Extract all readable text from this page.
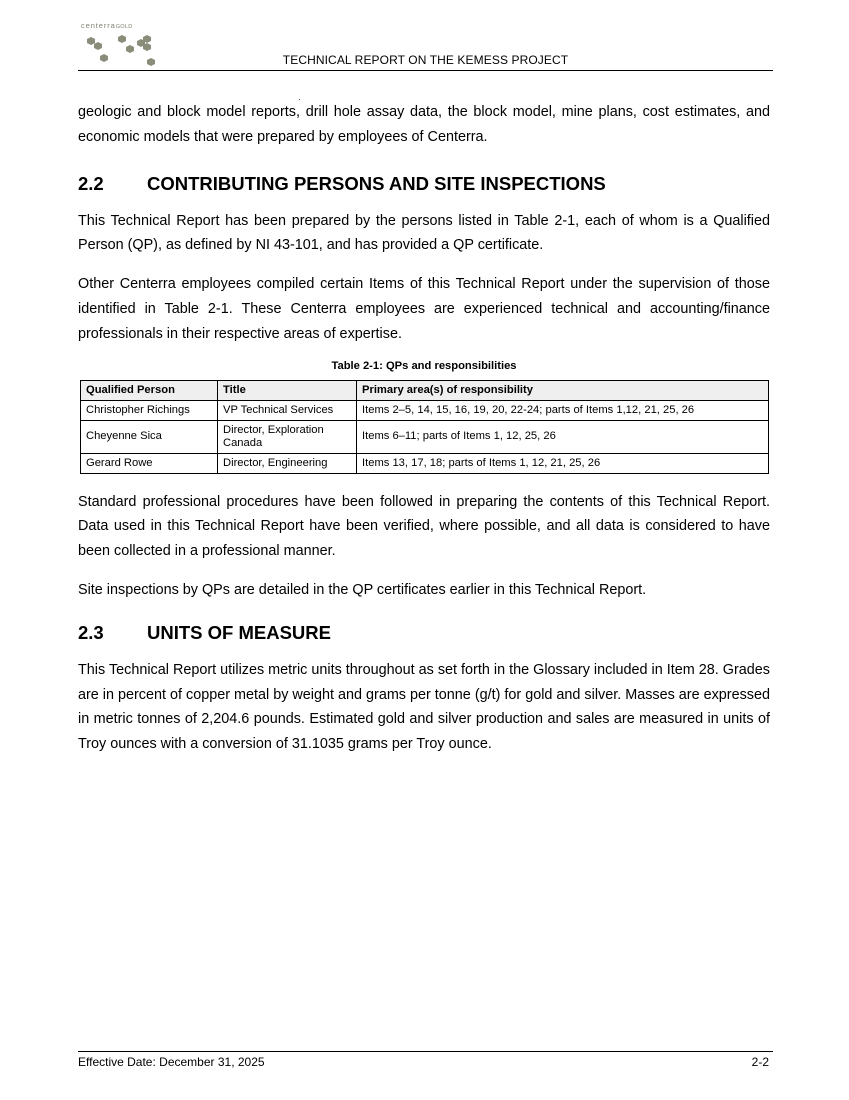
centerraGOLD
TECHNICAL REPORT ON THE KEMESS PROJECT

geologic and block model reports, drill hole assay data, the block model, mine plans, cost estimates, and economic models that were prepared by employees of Centerra.

2.2 CONTRIBUTING PERSONS AND SITE INSPECTIONS

This Technical Report has been prepared by the persons listed in Table 2-1, each of whom is a Qualified Person (QP), as defined by NI 43-101, and has provided a QP certificate.

Other Centerra employees compiled certain Items of this Technical Report under the supervision of those identified in Table 2-1. These Centerra employees are experienced technical and accounting/finance professionals in their respective areas of expertise.

Table 2-1: QPs and responsibilities
Qualified Person	Title	Primary area(s) of responsibility
Christopher Richings	VP Technical Services	Items 2–5, 14, 15, 16, 19, 20, 22-24; parts of Items 1,12, 21, 25, 26
Cheyenne Sica	Director, Exploration Canada	Items 6–11; parts of Items 1, 12, 25, 26
Gerard Rowe	Director, Engineering	Items 13, 17, 18; parts of Items 1, 12, 21, 25, 26

Standard professional procedures have been followed in preparing the contents of this Technical Report. Data used in this Technical Report have been verified, where possible, and all data is considered to have been collected in a professional manner.

Site inspections by QPs are detailed in the QP certificates earlier in this Technical Report.

2.3 UNITS OF MEASURE

This Technical Report utilizes metric units throughout as set forth in the Glossary included in Item 28. Grades are in percent of copper metal by weight and grams per tonne (g/t) for gold and silver. Masses are expressed in metric tonnes of 2,204.6 pounds. Estimated gold and silver production and sales are measured in units of Troy ounces with a conversion of 31.1035 grams per Troy ounce.

Effective Date: December 31, 2025	2-2
